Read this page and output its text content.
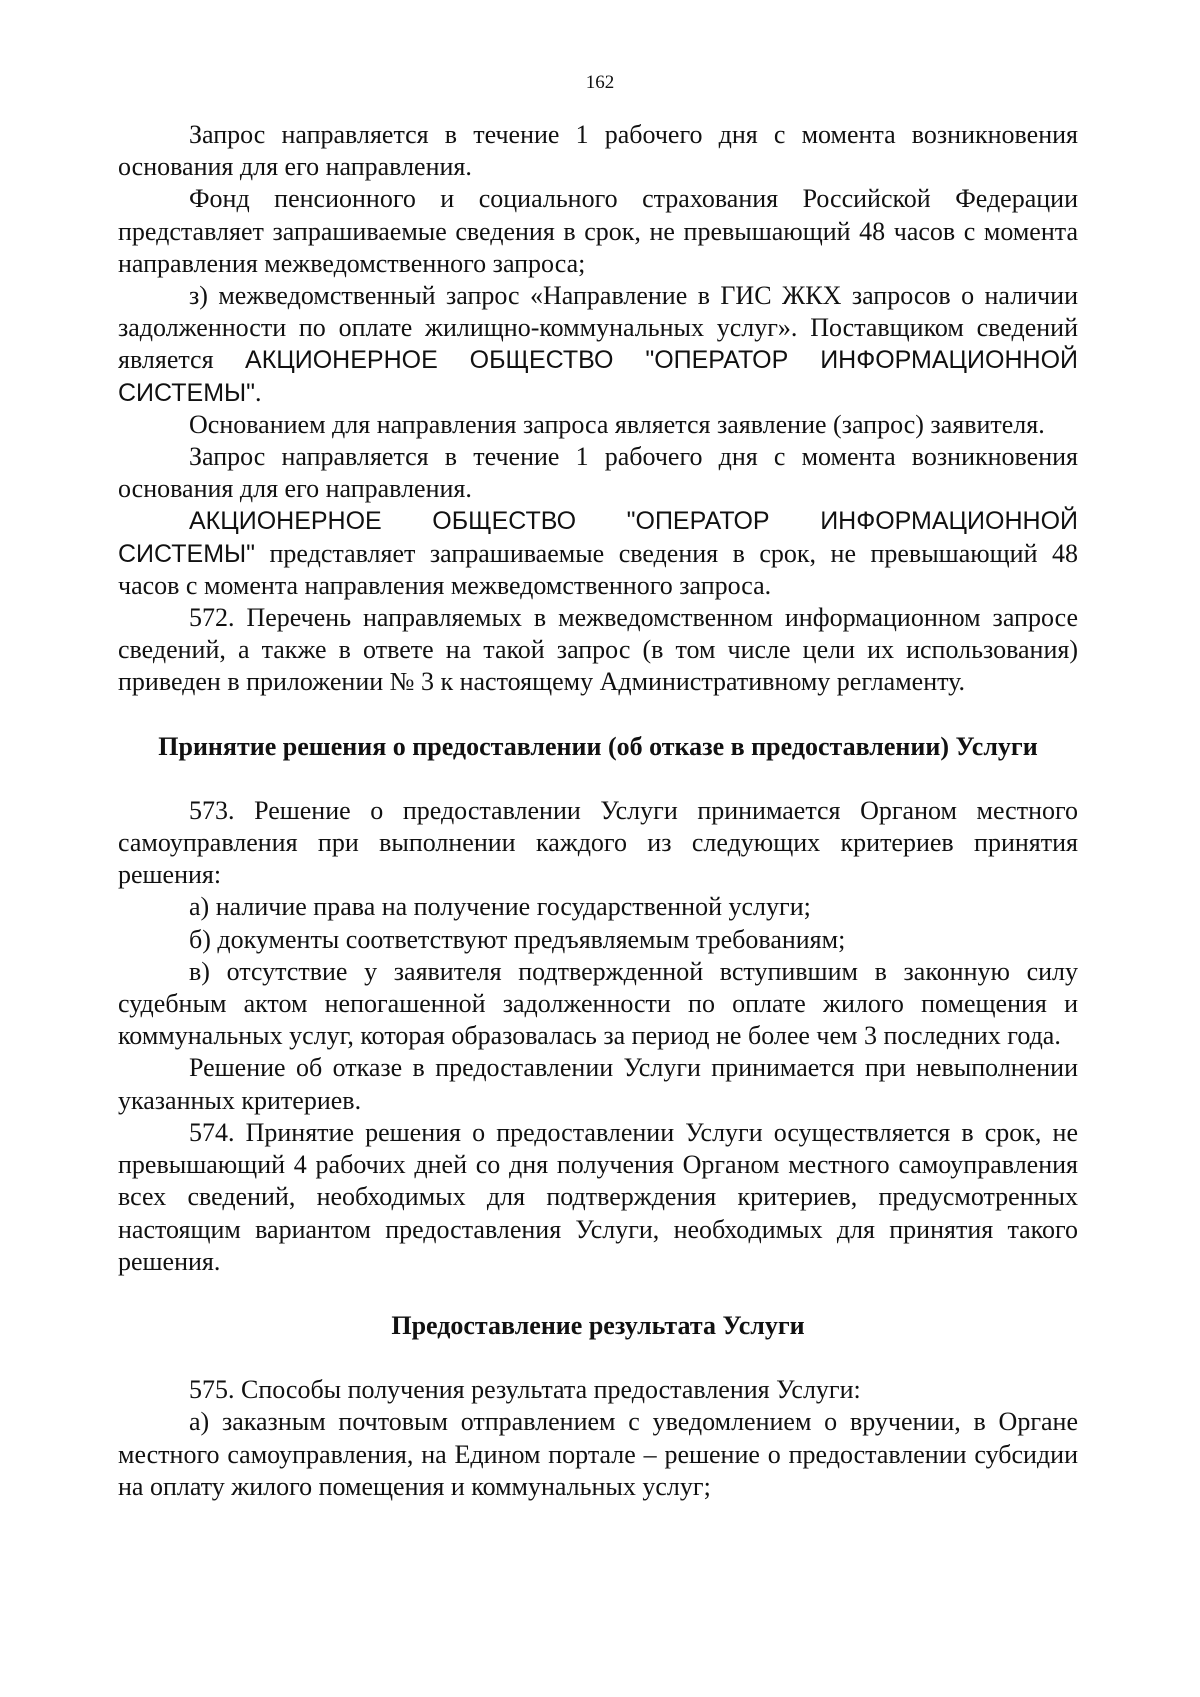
162

Запрос направляется в течение 1 рабочего дня с момента возникновения основания для его направления.

Фонд пенсионного и социального страхования Российской Федерации представляет запрашиваемые сведения в срок, не превышающий 48 часов с момента направления межведомственного запроса;

з) межведомственный запрос «Направление в ГИС ЖКХ запросов о наличии задолженности по оплате жилищно-коммунальных услуг». Поставщиком сведений является АКЦИОНЕРНОЕ ОБЩЕСТВО "ОПЕРАТОР ИНФОРМАЦИОННОЙ СИСТЕМЫ".

Основанием для направления запроса является заявление (запрос) заявителя.

Запрос направляется в течение 1 рабочего дня с момента возникновения основания для его направления.

АКЦИОНЕРНОЕ ОБЩЕСТВО "ОПЕРАТОР ИНФОРМАЦИОННОЙ СИСТЕМЫ" представляет запрашиваемые сведения в срок, не превышающий 48 часов с момента направления межведомственного запроса.

572. Перечень направляемых в межведомственном информационном запросе сведений, а также в ответе на такой запрос (в том числе цели их использования) приведен в приложении № 3 к настоящему Административному регламенту.

Принятие решения о предоставлении (об отказе в предоставлении) Услуги

573. Решение о предоставлении Услуги принимается Органом местного самоуправления при выполнении каждого из следующих критериев принятия решения:

а) наличие права на получение государственной услуги;

б) документы соответствуют предъявляемым требованиям;

в) отсутствие у заявителя подтвержденной вступившим в законную силу судебным актом непогашенной задолженности по оплате жилого помещения и коммунальных услуг, которая образовалась за период не более чем 3 последних года.

Решение об отказе в предоставлении Услуги принимается при невыполнении указанных критериев.

574. Принятие решения о предоставлении Услуги осуществляется в срок, не превышающий 4 рабочих дней со дня получения Органом местного самоуправления всех сведений, необходимых для подтверждения критериев, предусмотренных настоящим вариантом предоставления Услуги, необходимых для принятия такого решения.

Предоставление результата Услуги

575. Способы получения результата предоставления Услуги:

а) заказным почтовым отправлением с уведомлением о вручении, в Органе местного самоуправления, на Едином портале – решение о предоставлении субсидии на оплату жилого помещения и коммунальных услуг;
